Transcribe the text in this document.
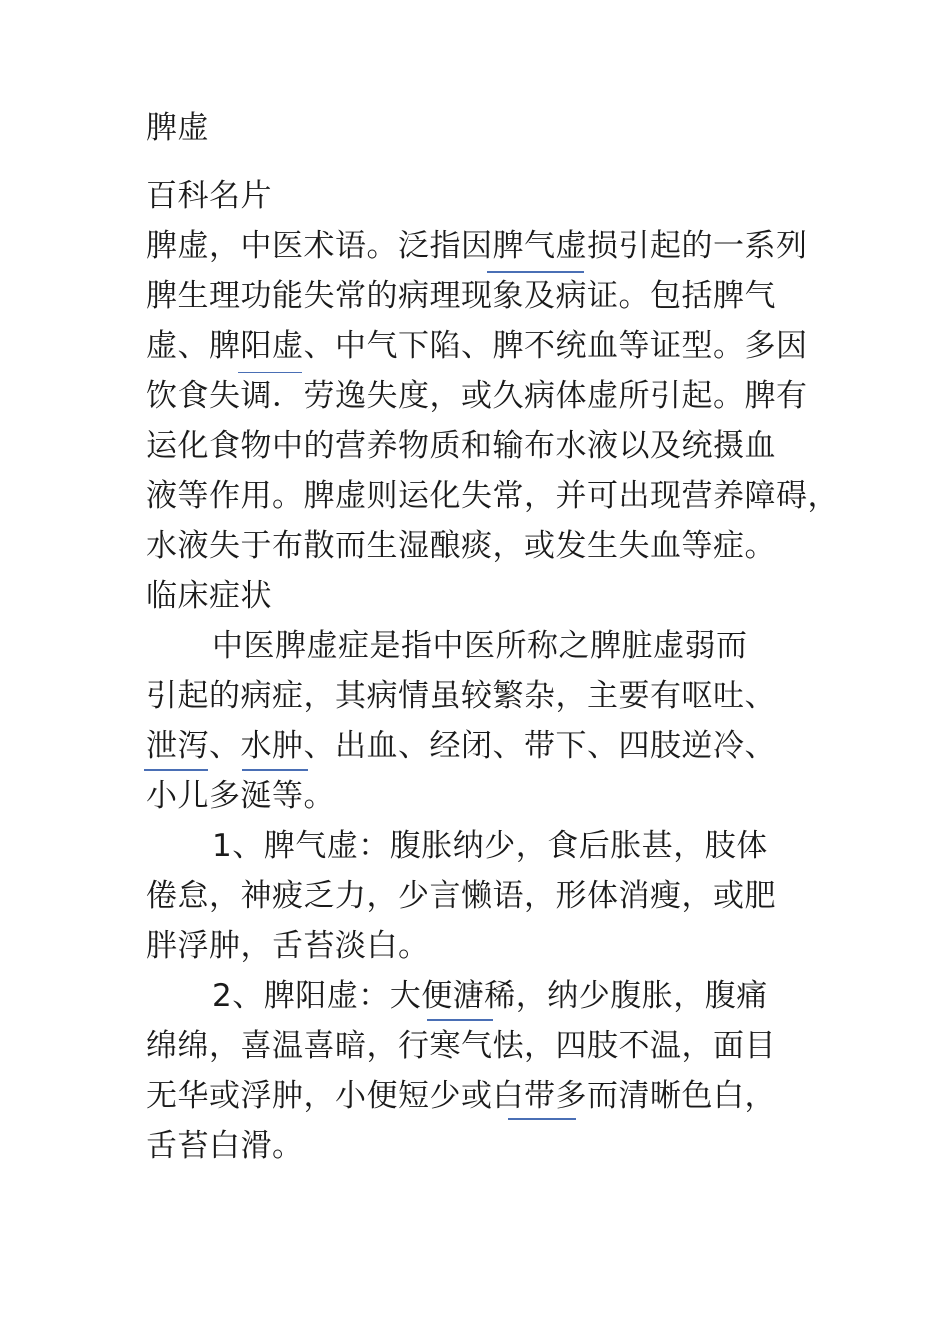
脾虚
百科名片
脾虚，中医术语。泛指因脾气虚损引起的一系列
脾生理功能失常的病理现象及病证。包括脾气
虚、脾阳虚、中气下陷、脾不统血等证型。多因
饮食失调．劳逸失度，或久病体虚所引起。脾有
运化食物中的营养物质和输布水液以及统摄血
液等作用。脾虚则运化失常，并可出现营养障碍，
水液失于布散而生湿酿痰，或发生失血等症。
临床症状
中医脾虚症是指中医所称之脾脏虚弱而
引起的病症，其病情虽较繁杂，主要有呕吐、
泄泻、水肿、出血、经闭、带下、四肢逆冷、
小儿多涎等。
1、脾气虚：腹胀纳少，食后胀甚，肢体
倦怠，神疲乏力，少言懒语，形体消瘦，或肥
胖浮肿，舌苔淡白。
2、脾阳虚：大便溏稀，纳少腹胀，腹痛
绵绵，喜温喜暗，行寒气怯，四肢不温，面目
无华或浮肿，小便短少或白带多而清晰色白，
舌苔白滑。
